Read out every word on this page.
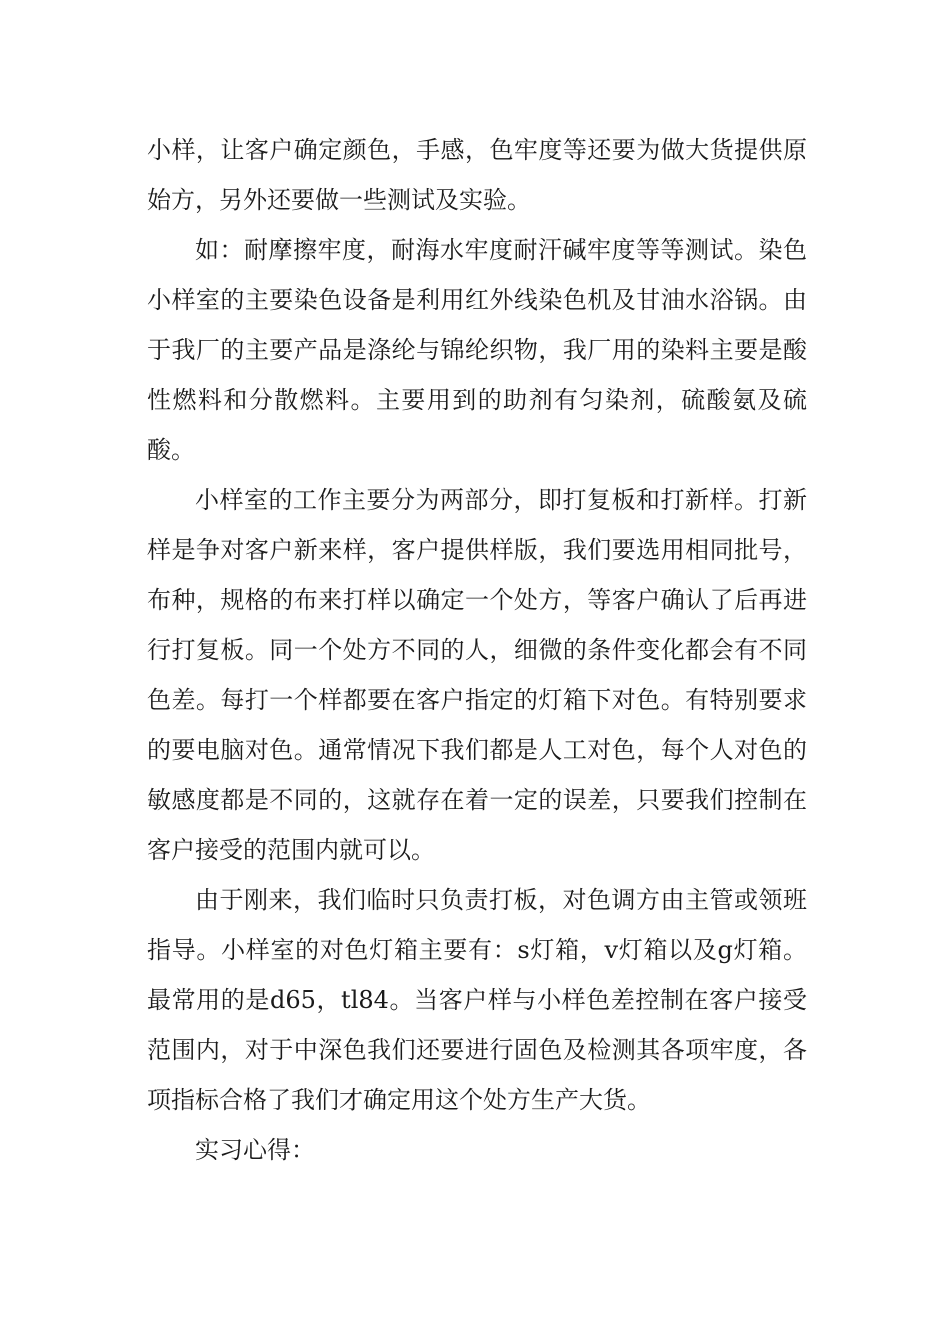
小样，让客户确定颜色，手感，色牢度等还要为做大货提供原始方，另外还要做一些测试及实验。

如：耐摩擦牢度，耐海水牢度耐汗碱牢度等等测试。染色小样室的主要染色设备是利用红外线染色机及甘油水浴锅。由于我厂的主要产品是涤纶与锦纶织物，我厂用的染料主要是酸性燃料和分散燃料。主要用到的助剂有匀染剂，硫酸氨及硫酸。

小样室的工作主要分为两部分，即打复板和打新样。打新样是争对客户新来样，客户提供样版，我们要选用相同批号，布种，规格的布来打样以确定一个处方，等客户确认了后再进行打复板。同一个处方不同的人，细微的条件变化都会有不同色差。每打一个样都要在客户指定的灯箱下对色。有特别要求的要电脑对色。通常情况下我们都是人工对色，每个人对色的敏感度都是不同的，这就存在着一定的误差，只要我们控制在客户接受的范围内就可以。

由于刚来，我们临时只负责打板，对色调方由主管或领班指导。小样室的对色灯箱主要有：s灯箱，v灯箱以及g灯箱。最常用的是d65，tl84。当客户样与小样色差控制在客户接受范围内，对于中深色我们还要进行固色及检测其各项牢度，各项指标合格了我们才确定用这个处方生产大货。

实习心得：
